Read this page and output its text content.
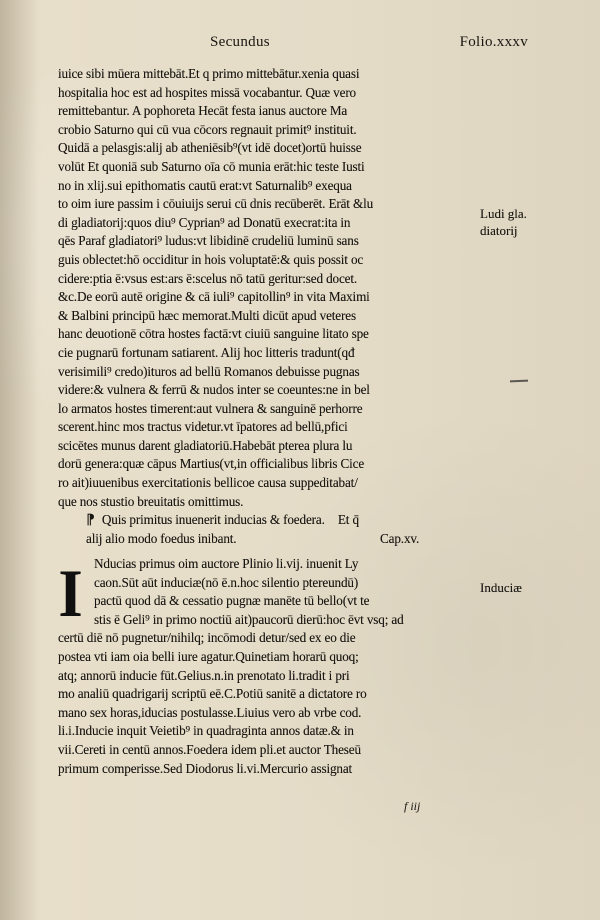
Secundus	Folio.xxxv
iuice sibi mūera mittebāt.Et q primo mittebātur.xenia quasi
hospitalia hoc est ad hospites missā vocabantur. Quæ vero
remittebantur. A pophoreta Hecāt festa ianus auctore Ma
crobio Saturno qui cū vua cōcors regnauit primit⁹ instituit.
Quidā a pelasgis:alij ab atheniēsib⁹(vt idē docet)ortū huisse
volūt Et quoniā sub Saturno oīa cō munia erāt:hic teste Iusti
no in xlij.sui epithomatis cautū erat:vt Saturnalib⁹ exequa
to oim iure passim i cōuiuijs serui cū dnis recūberēt. Erāt &lu
di gladiatorij:quos diu⁹ Cyprian⁹ ad Donatū execrat:ita in
qēs Paraf gladiatori⁹ ludus:vt libidinē crudeliū luminū sans
guis oblectet:hō occiditur in hois voluptatē:& quis possit oc
cidere:ptia ē:vsus est:ars ē:scelus nō tatū geritur:sed docet.
&c.De eorū autē origine & cā iuli⁹ capitollin⁹ in vita Maximi
& Balbini principū hæc memorat.Multi dicūt apud veteres
hanc deuotionē cōtra hostes factā:vt ciuiū sanguine litato spe
cie pugnarū fortunam satiarent. Alij hoc litteris tradunt(qđ
verisimili⁹ credo)ituros ad bellū Romanos debuisse pugnas
videre:& vulnera & ferrū & nudos inter se coeuntes:ne in bel
lo armatos hostes timerent:aut vulnera & sanguinē perhorre
scerent.hinc mos tractus videtur.vt īpatores ad bellū,pfici
scicētes munus darent gladiatoriū.Habebāt pterea plura lu
dorū genera:quæ cāpus Martius(vt,in officialibus libris Cice
ro ait)iuuenibus exercitationis bellicoe causa suppeditabat/
que nos stustio breuitatis omittimus.
⁋ Quis primitus inuenerit inducias & foedera. Et q̄
alij alio modo foedus inibant.	Cap.xv.
I Nducias primus oim auctore Plinio li.vij. inuenit Ly
caon.Sūt aūt induciæ(nō ē.n.hoc silentio ptereundū)
pactū quod dā & cessatio pugnæ manēte tū bello(vt te
stis ē Geli⁹ in primo noctiū ait)paucorū dierū:hoc ēvt vsq; ad
certū diē nō pugnetur/nihilq; incōmodi detur/sed ex eo die
postea vti iam oia belli iure agatur.Quinetiam horarū quoq;
atq; annorū inducie fūt.Gelius.n.in prenotato li.tradit i pri
mo analiū quadrigarij scriptū eē.C.Potiū sanitē a dictatore ro
mano sex horas,iducias postulasse.Liuius vero ab vrbe cod.
li.i.Inducie inquit Veietib⁹ in quadraginta annos datæ.& in
vii.Cereti in centū annos.Foedera idem pli.et auctor Theseū
primum comperisse.Sed Diodorus li.vi.Mercurio assignat
Ludi gla.
diatorij
Induciæ
f iij
